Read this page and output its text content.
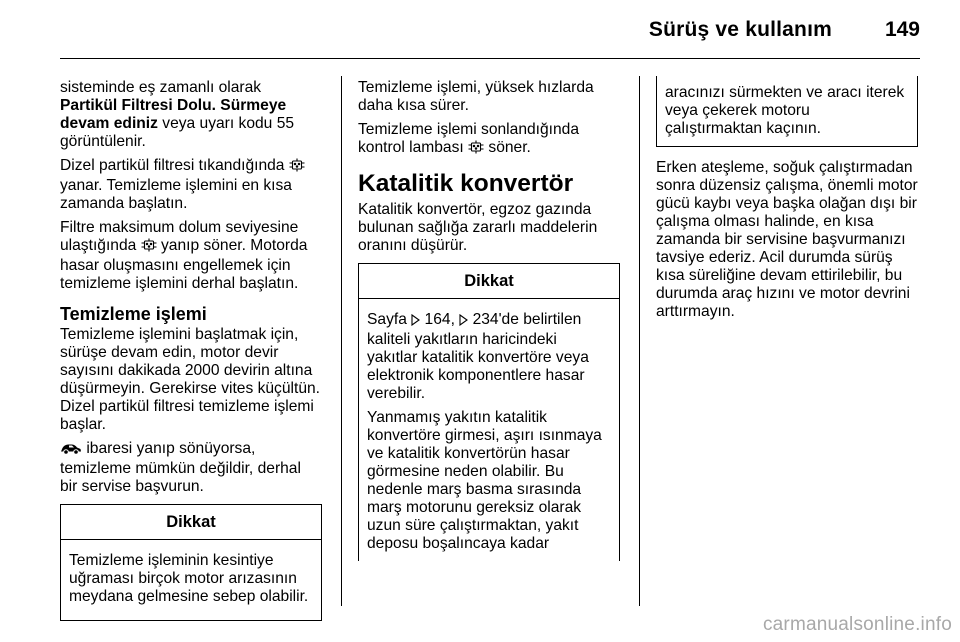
Sürüş ve kullanım	149

sisteminde eş zamanlı olarak Partikül Filtresi Dolu. Sürmeye devam ediniz veya uyarı kodu 55 görüntülenir.

Dizel partikül filtresi tıkandığında  yanar. Temizleme işlemini en kısa zamanda başlatın.

Filtre maksimum dolum seviyesine ulaştığında  yanıp söner. Motorda hasar oluşmasını engellemek için temizleme işlemini derhal başlatın.

Temizleme işlemi

Temizleme işlemini başlatmak için, sürüşe devam edin, motor devir sayısını dakikada 2000 devirin altına düşürmeyin. Gerekirse vites küçültün. Dizel partikül filtresi temizleme işlemi başlar.

ibaresi yanıp sönüyorsa, temizleme mümkün değildir, derhal bir servise başvurun.

Dikkat

Temizleme işleminin kesintiye uğraması birçok motor arızasının meydana gelmesine sebep olabilir.

Temizleme işlemi, yüksek hızlarda daha kısa sürer.

Temizleme işlemi sonlandığında kontrol lambası  söner.

Katalitik konvertör

Katalitik konvertör, egzoz gazında bulunan sağlığa zararlı maddelerin oranını düşürür.

Dikkat

Sayfa  164,  234'de belirtilen kaliteli yakıtların haricindeki yakıtlar katalitik konvertöre veya elektronik komponentlere hasar verebilir.

Yanmamış yakıtın katalitik konvertöre girmesi, aşırı ısınmaya ve katalitik konvertörün hasar görmesine neden olabilir. Bu nedenle marş basma sırasında marş motorunu gereksiz olarak uzun süre çalıştırmaktan, yakıt deposu boşalıncaya kadar

aracınızı sürmekten ve aracı iterek veya çekerek motoru çalıştırmaktan kaçının.

Erken ateşleme, soğuk çalıştırmadan sonra düzensiz çalışma, önemli motor gücü kaybı veya başka olağan dışı bir çalışma olması halinde, en kısa zamanda bir servisine başvurmanızı tavsiye ederiz. Acil durumda sürüş kısa süreliğine devam ettirilebilir, bu durumda araç hızını ve motor devrini arttırmayın.

carmanualsonline.info
